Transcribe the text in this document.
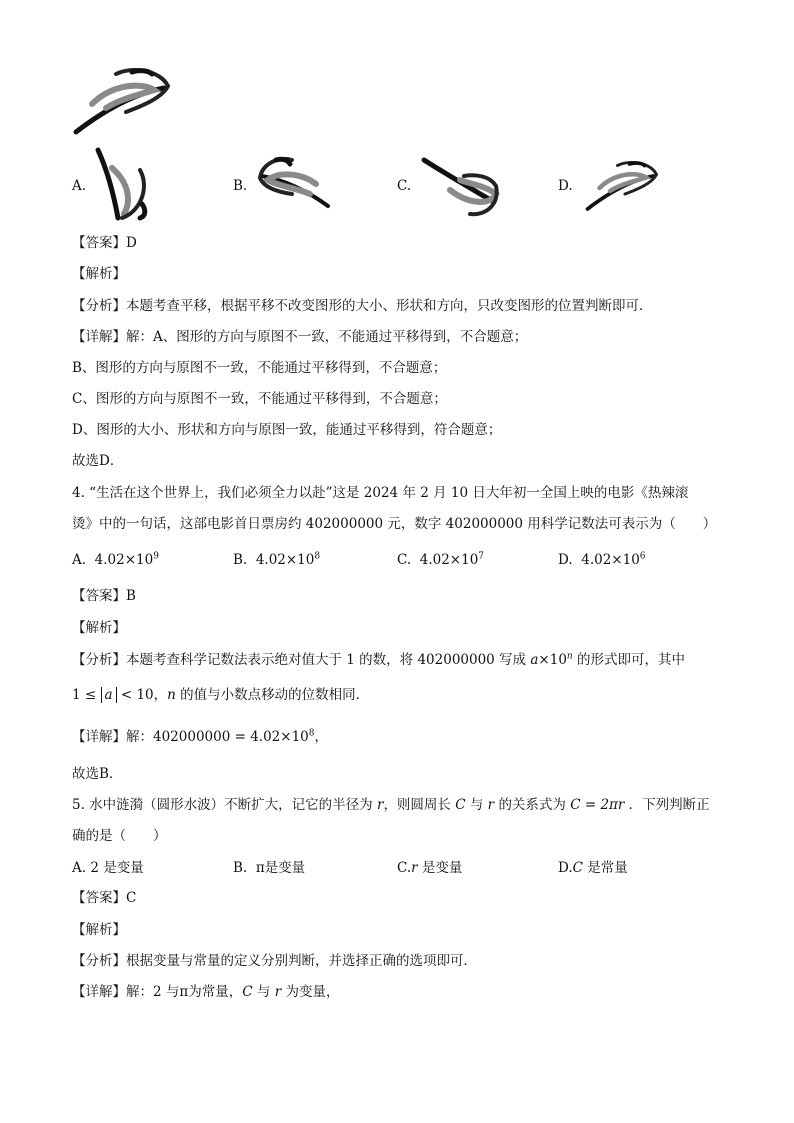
A.	B.	C.	D.
【答案】D
【解析】
【分析】本题考查平移，根据平移不改变图形的大小、形状和方向，只改变图形的位置判断即可．
【详解】解：A、图形的方向与原图不一致，不能通过平移得到，不合题意；
B、图形的方向与原图不一致，不能通过平移得到，不合题意；
C、图形的方向与原图不一致，不能通过平移得到，不合题意；
D、图形的大小、形状和方向与原图一致，能通过平移得到，符合题意；
故选D．
4. “生活在这个世界上，我们必须全力以赴”这是 2024 年 2 月 10 日大年初一全国上映的电影《热辣滚
烫》中的一句话，这部电影首日票房约 402000000 元，数字 402000000 用科学记数法可表示为（　　）
A. $4.02\times 10^9$	B. $4.02\times 10^8$	C. $4.02\times 10^7$	D. $4.02\times 10^6$
【答案】B
【解析】
【分析】本题考查科学记数法表示绝对值大于 1 的数，将 402000000 写成 $a\times 10^n$ 的形式即可，其中
1 ≤ a < 10，n 的值与小数点移动的位数相同．
【详解】解：$402000000 = 4.02\times 10^8$，
故选B．
5. 水中涟漪（圆形水波）不断扩大，记它的半径为 r，则圆周长 C 与 r 的关系式为 C = 2πr ．下列判断正
确的是（　　）
A. 2 是变量	B. π是变量	C.r 是变量	D.C 是常量
【答案】C
【解析】
【分析】根据变量与常量的定义分别判断，并选择正确的选项即可．
【详解】解：2 与π为常量，C 与 r 为变量，
